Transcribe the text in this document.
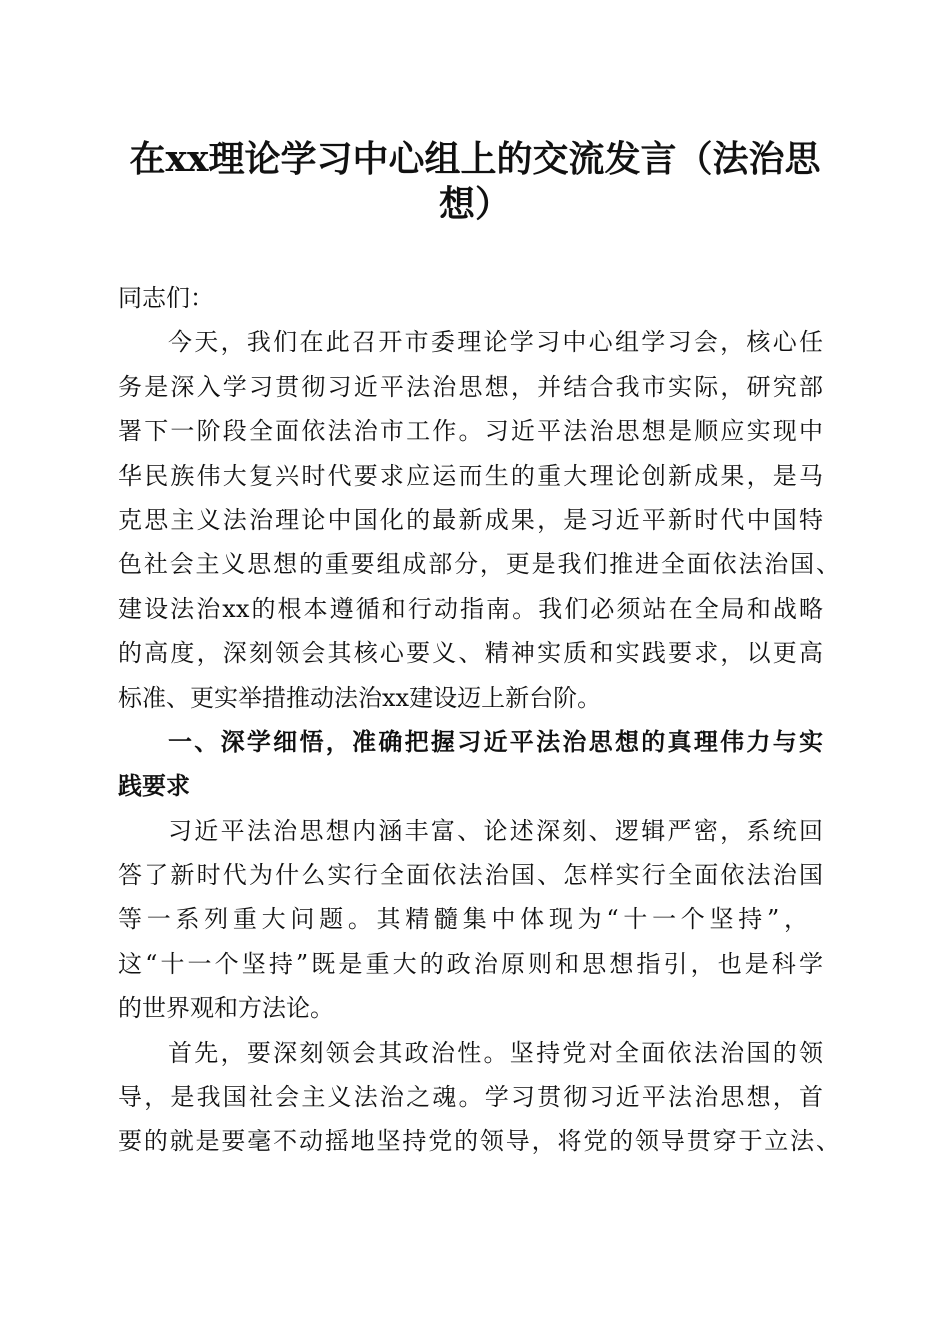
在xx理论学习中心组上的交流发言（法治思
想）
同志们：
今天，我们在此召开市委理论学习中心组学习会，核心任
务是深入学习贯彻习近平法治思想，并结合我市实际，研究部
署下一阶段全面依法治市工作。习近平法治思想是顺应实现中
华民族伟大复兴时代要求应运而生的重大理论创新成果，是马
克思主义法治理论中国化的最新成果，是习近平新时代中国特
色社会主义思想的重要组成部分，更是我们推进全面依法治国、
建设法治xx的根本遵循和行动指南。我们必须站在全局和战略
的高度，深刻领会其核心要义、精神实质和实践要求，以更高
标准、更实举措推动法治xx建设迈上新台阶。
一、深学细悟，准确把握习近平法治思想的真理伟力与实
践要求
习近平法治思想内涵丰富、论述深刻、逻辑严密，系统回
答了新时代为什么实行全面依法治国、怎样实行全面依法治国
等一系列重大问题。其精髓集中体现为“十一个坚持”，
这“十一个坚持”既是重大的政治原则和思想指引，也是科学
的世界观和方法论。
首先，要深刻领会其政治性。坚持党对全面依法治国的领
导，是我国社会主义法治之魂。学习贯彻习近平法治思想，首
要的就是要毫不动摇地坚持党的领导，将党的领导贯穿于立法、
